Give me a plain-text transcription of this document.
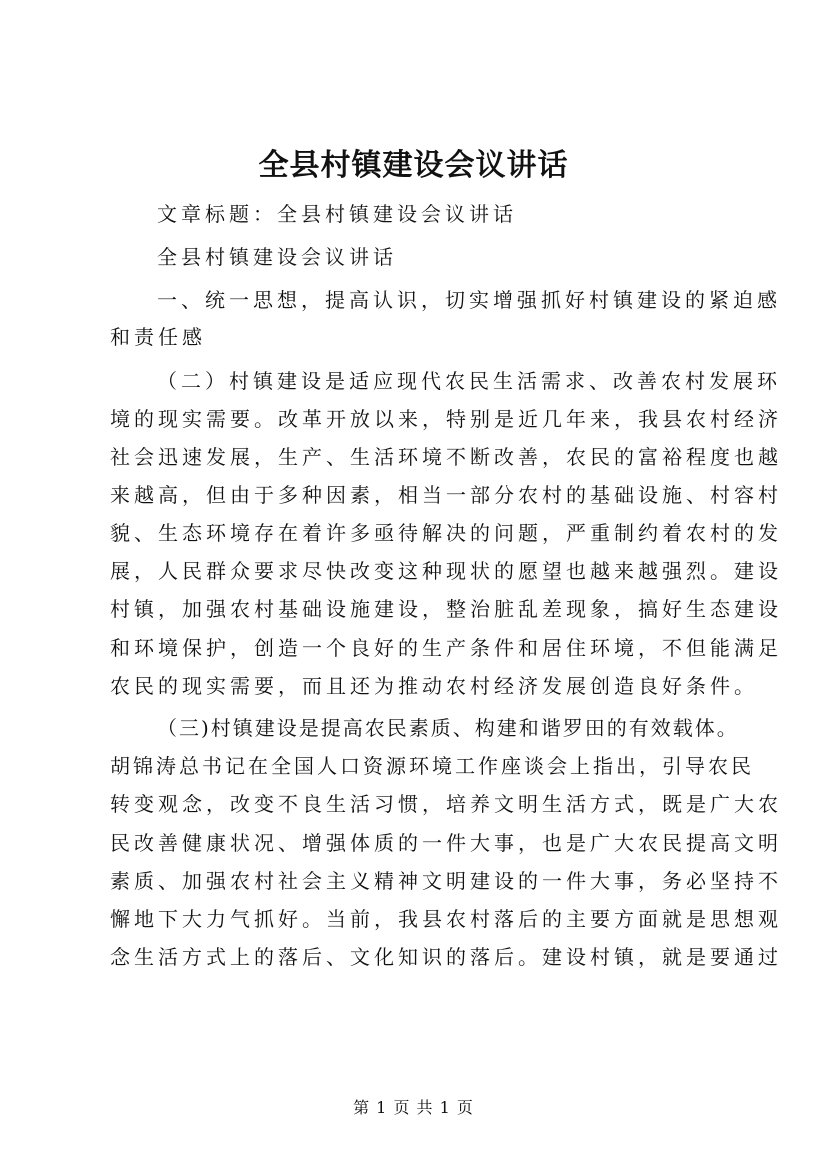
全县村镇建设会议讲话
文章标题：全县村镇建设会议讲话
全县村镇建设会议讲话
一、统一思想，提高认识，切实增强抓好村镇建设的紧迫感
和责任感
（二）村镇建设是适应现代农民生活需求、改善农村发展环
境的现实需要。改革开放以来，特别是近几年来，我县农村经济
社会迅速发展，生产、生活环境不断改善，农民的富裕程度也越
来越高，但由于多种因素，相当一部分农村的基础设施、村容村
貌、生态环境存在着许多亟待解决的问题，严重制约着农村的发
展，人民群众要求尽快改变这种现状的愿望也越来越强烈。建设
村镇，加强农村基础设施建设，整治脏乱差现象，搞好生态建设
和环境保护，创造一个良好的生产条件和居住环境，不但能满足
农民的现实需要，而且还为推动农村经济发展创造良好条件。
（三)村镇建设是提高农民素质、构建和谐罗田的有效载体。
胡锦涛总书记在全国人口资源环境工作座谈会上指出，引导农民
转变观念，改变不良生活习惯，培养文明生活方式，既是广大农
民改善健康状况、增强体质的一件大事，也是广大农民提高文明
素质、加强农村社会主义精神文明建设的一件大事，务必坚持不
懈地下大力气抓好。当前，我县农村落后的主要方面就是思想观
念生活方式上的落后、文化知识的落后。建设村镇，就是要通过
第 1 页 共 1 页
